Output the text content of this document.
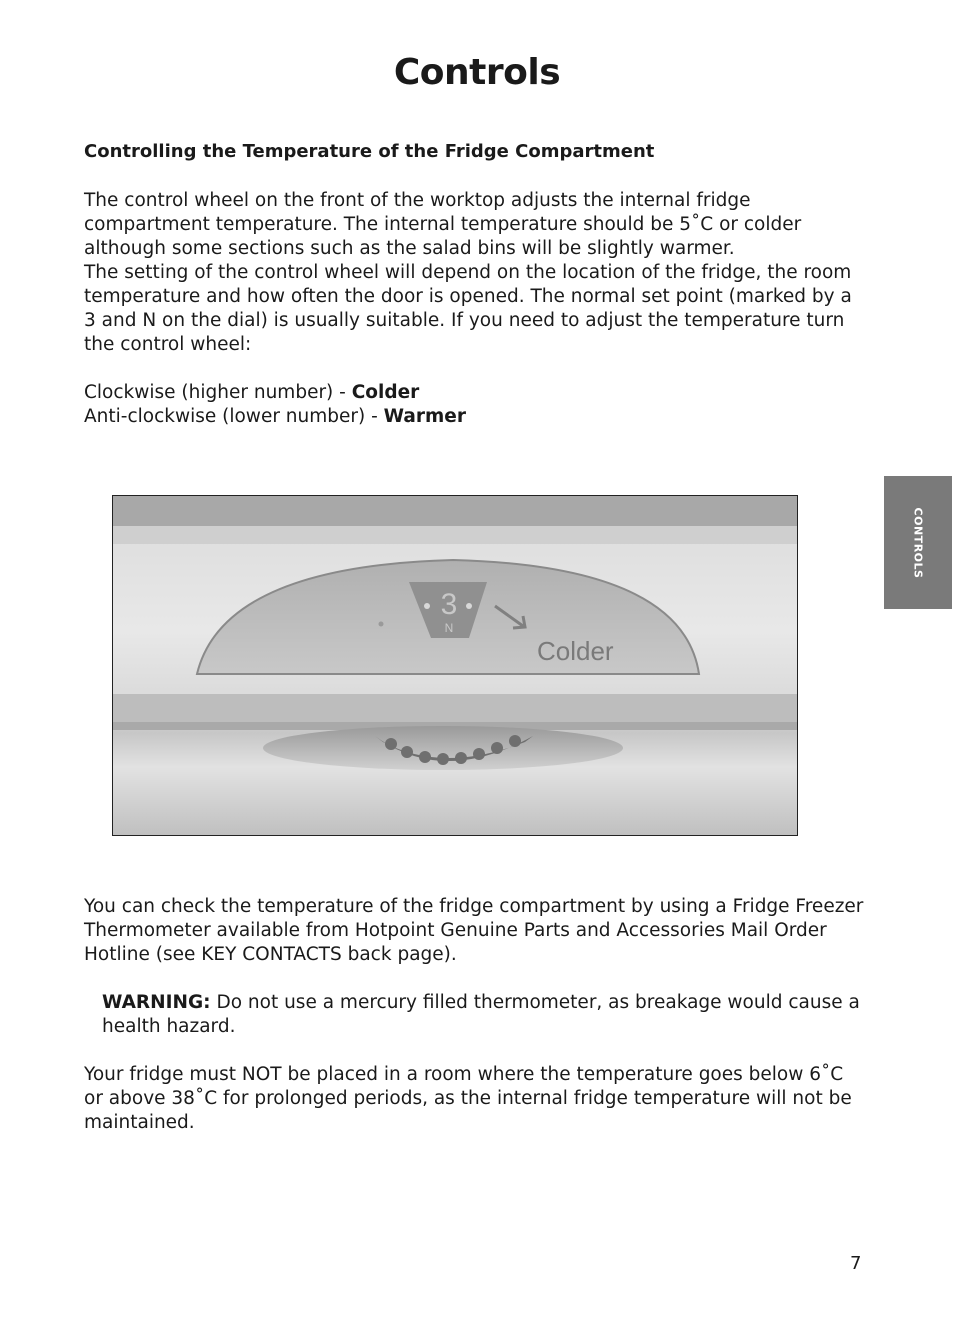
Controls
Controlling the Temperature of the Fridge Compartment

The control wheel on the front of the worktop adjusts the internal fridge compartment temperature. The internal temperature should be 5˚C or colder although some sections such as the salad bins will be slightly warmer.

The setting of the control wheel will depend on the location of the fridge, the room temperature and how often the door is opened. The normal set point (marked by a 3 and N on the dial) is usually suitable. If you need to adjust the temperature turn the control wheel:

Clockwise (higher number) - Colder
Anti-clockwise (lower number) - Warmer
CONTROLS
3
N
Colder

You can check the temperature of the fridge compartment by using a Fridge Freezer Thermometer available from Hotpoint Genuine Parts and Accessories Mail Order Hotline (see KEY CONTACTS back page).

WARNING: Do not use a mercury filled thermometer, as breakage would cause a health hazard.

Your fridge must NOT be placed in a room where the temperature goes below 6˚C or above 38˚C for prolonged periods, as the internal fridge temperature will not be maintained.

7
